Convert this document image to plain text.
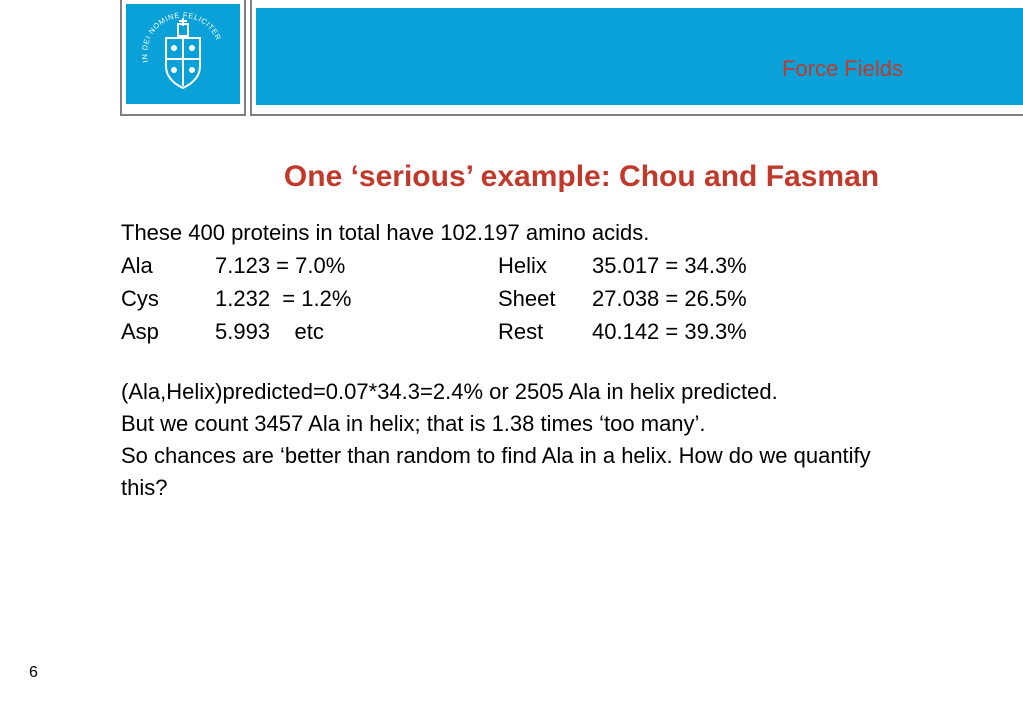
IN DEI NOMINE FELICITER
Force Fields
One ‘serious’ example: Chou and Fasman
These 400 proteins in total have 102.197 amino acids.
Ala	7.123 = 7.0%	Helix 35.017 = 34.3%
Cys	1.232  = 1.2%	Sheet 27.038 = 26.5%
Asp	5.993    etc	Rest 40.142 = 39.3%
(Ala,Helix)predicted=0.07*34.3=2.4% or 2505 Ala in helix predicted.
But we count 3457 Ala in helix; that is 1.38 times ‘too many’.
So chances are ‘better than random to find Ala in a helix. How do we quantify
this?
6
